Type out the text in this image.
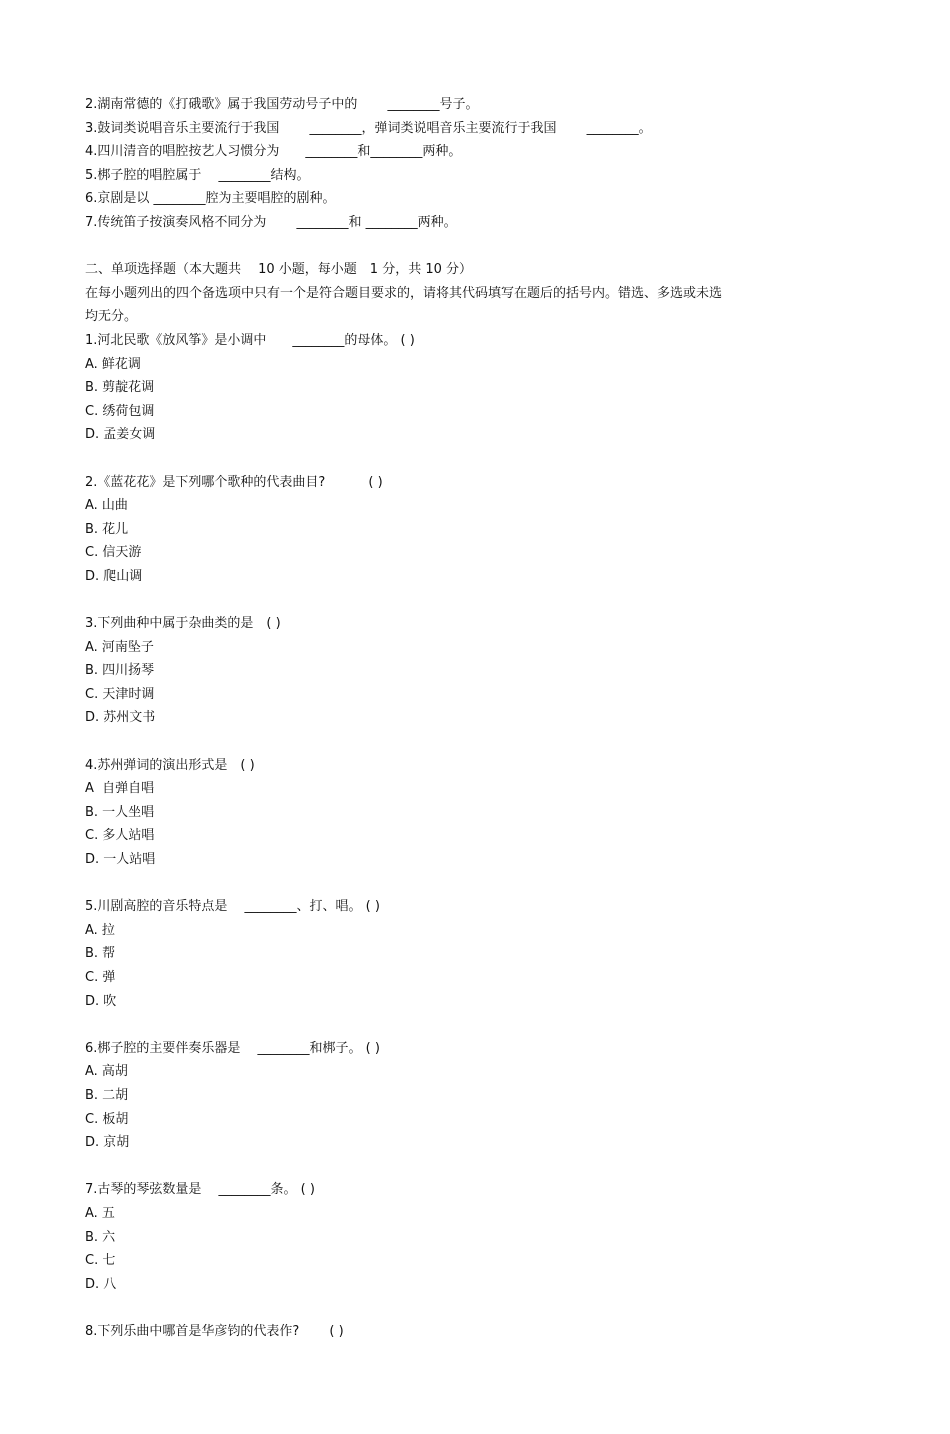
2.湖南常德的《打硪歌》属于我国劳动号子中的　　 ________号子。
3.鼓词类说唱音乐主要流行于我国　　 ________，弹词类说唱音乐主要流行于我国　　 ________。
4.四川清音的唱腔按艺人习惯分为　　________和________两种。
5.梆子腔的唱腔属于　 ________结构。
6.京剧是以 ________腔为主要唱腔的剧种。
7.传统笛子按演奏风格不同分为　　 ________和 ________两种。
二、单项选择题（本大题共　 10 小题，每小题　1 分，共 10 分）
在每小题列出的四个备选项中只有一个是符合题目要求的，请将其代码填写在题后的括号内。错选、多选或未选
均无分。
1.河北民歌《放风筝》是小调中　　________的母体。 ( )
A. 鲜花调
B. 剪靛花调
C. 绣荷包调
D. 孟姜女调
2.《蓝花花》是下列哪个歌种的代表曲目?　　　 ( )
A. 山曲
B. 花儿
C. 信天游
D. 爬山调
3.下列曲种中属于杂曲类的是　( )
A. 河南坠子
B. 四川扬琴
C. 天津时调
D. 苏州文书
4.苏州弹词的演出形式是　( )
A  自弹自唱
B. 一人坐唱
C. 多人站唱
D. 一人站唱
5.川剧高腔的音乐特点是　 ________、打、唱。 ( )
A. 拉
B. 帮
C. 弹
D. 吹
6.梆子腔的主要伴奏乐器是　 ________和梆子。 ( )
A. 高胡
B. 二胡
C. 板胡
D. 京胡
7.古琴的琴弦数量是　 ________条。 ( )
A. 五
B. 六
C. 七
D. 八
8.下列乐曲中哪首是华彦钧的代表作?　　 ( )
